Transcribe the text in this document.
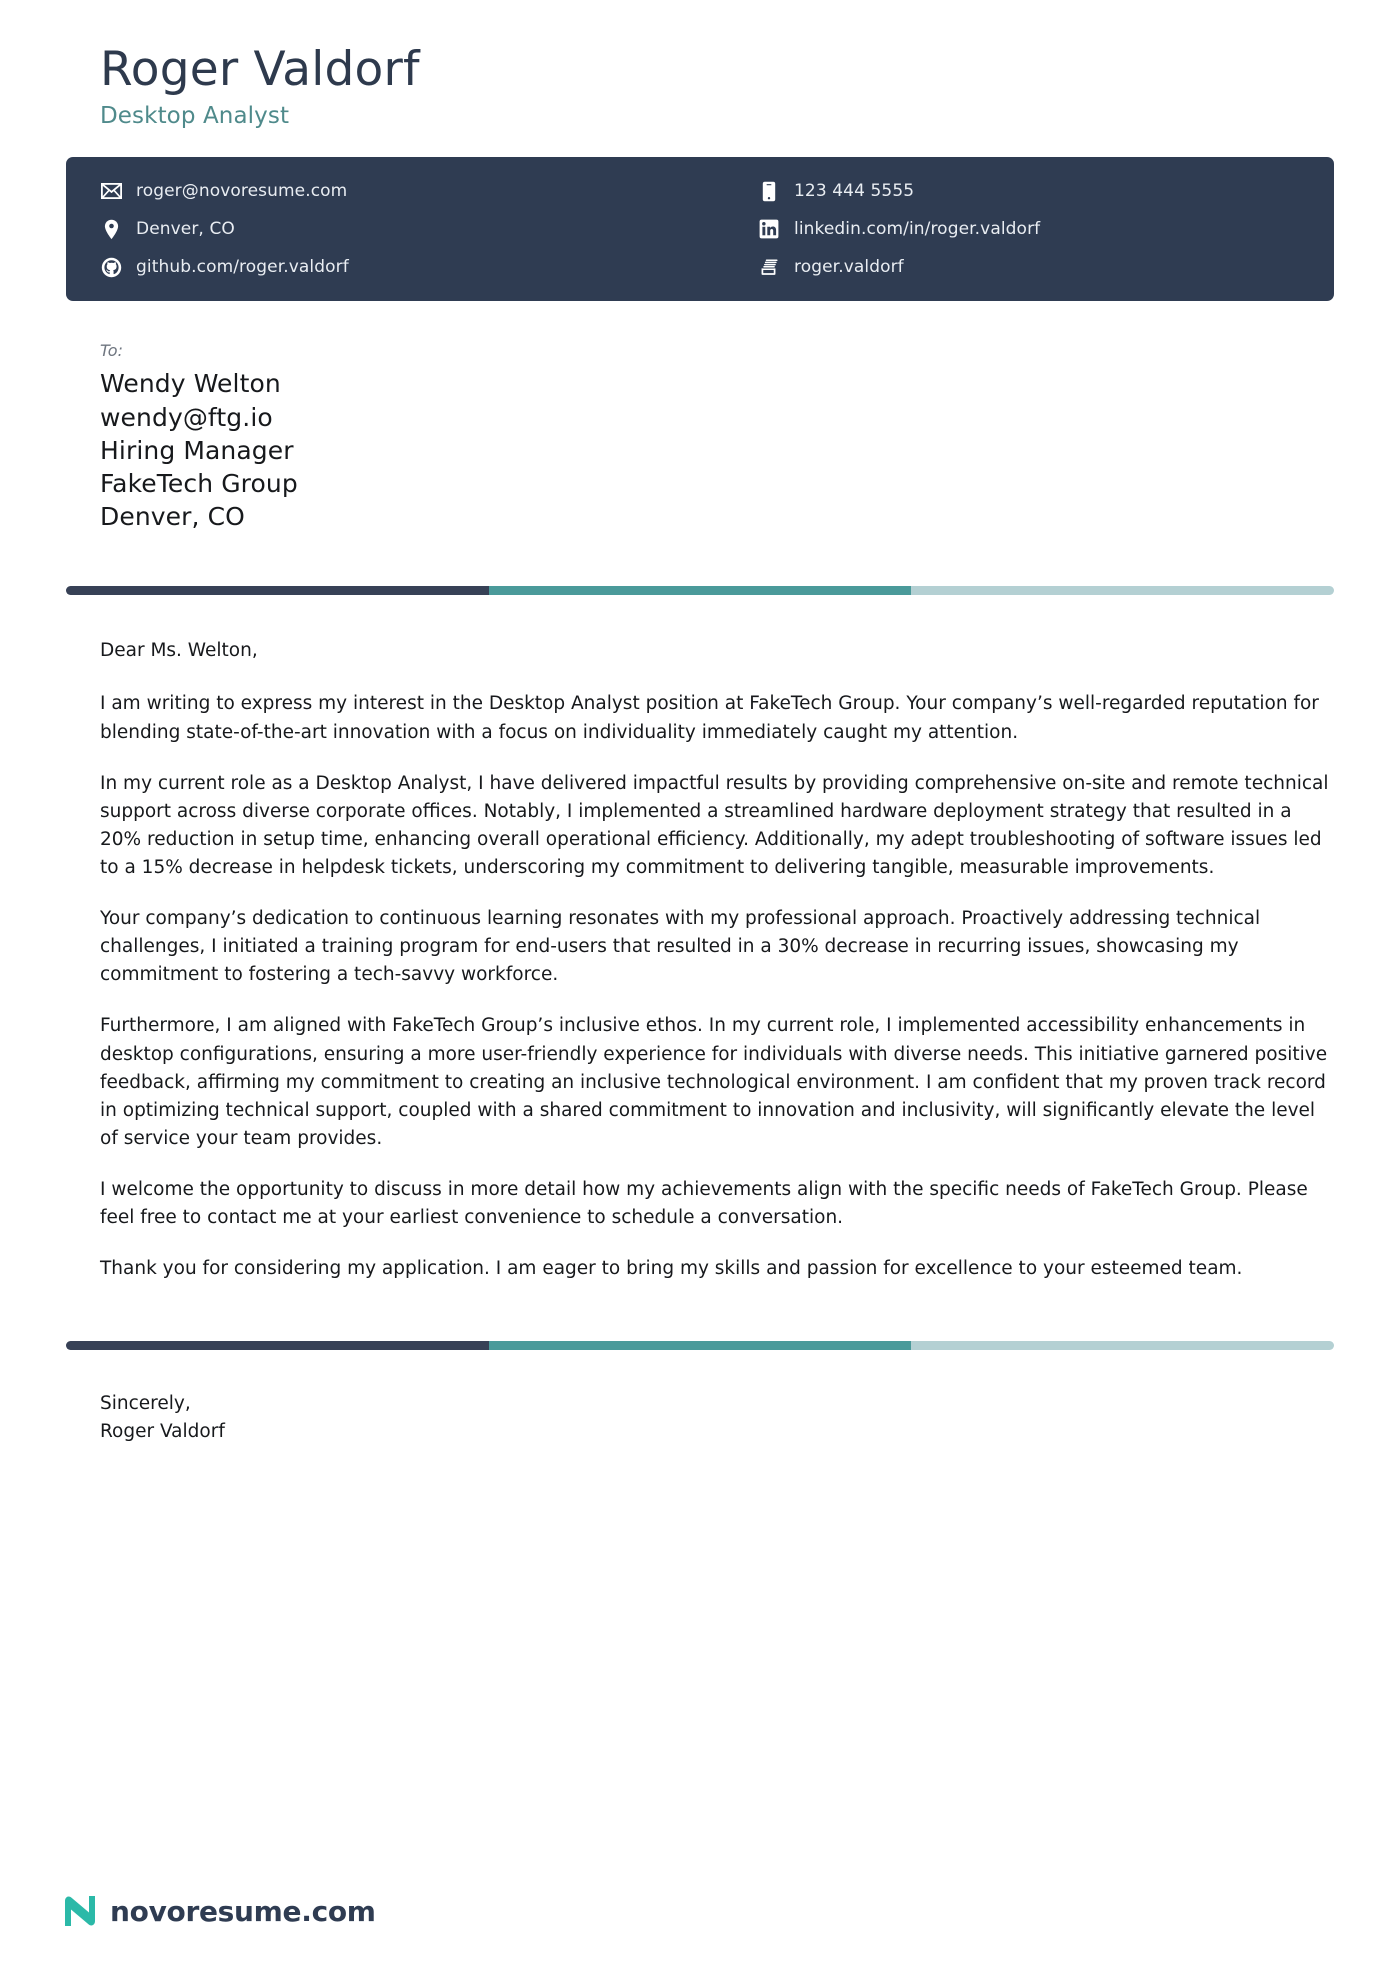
Roger Valdorf
Desktop Analyst
roger@novoresume.com
Denver, CO
github.com/roger.valdorf
123 444 5555
linkedin.com/in/roger.valdorf
roger.valdorf
To:
Wendy Welton
wendy@ftg.io
Hiring Manager
FakeTech Group
Denver, CO
Dear Ms. Welton,

I am writing to express my interest in the Desktop Analyst position at FakeTech Group. Your company’s well-regarded reputation for blending state-of-the-art innovation with a focus on individuality immediately caught my attention.

In my current role as a Desktop Analyst, I have delivered impactful results by providing comprehensive on-site and remote technical support across diverse corporate offices. Notably, I implemented a streamlined hardware deployment strategy that resulted in a 20% reduction in setup time, enhancing overall operational efficiency. Additionally, my adept troubleshooting of software issues led to a 15% decrease in helpdesk tickets, underscoring my commitment to delivering tangible, measurable improvements.

Your company’s dedication to continuous learning resonates with my professional approach. Proactively addressing technical challenges, I initiated a training program for end-users that resulted in a 30% decrease in recurring issues, showcasing my commitment to fostering a tech-savvy workforce.

Furthermore, I am aligned with FakeTech Group’s inclusive ethos. In my current role, I implemented accessibility enhancements in desktop configurations, ensuring a more user-friendly experience for individuals with diverse needs. This initiative garnered positive feedback, affirming my commitment to creating an inclusive technological environment. I am confident that my proven track record in optimizing technical support, coupled with a shared commitment to innovation and inclusivity, will significantly elevate the level of service your team provides.

I welcome the opportunity to discuss in more detail how my achievements align with the specific needs of FakeTech Group. Please feel free to contact me at your earliest convenience to schedule a conversation.

Thank you for considering my application. I am eager to bring my skills and passion for excellence to your esteemed team.

Sincerely,
Roger Valdorf
novoresume.com
